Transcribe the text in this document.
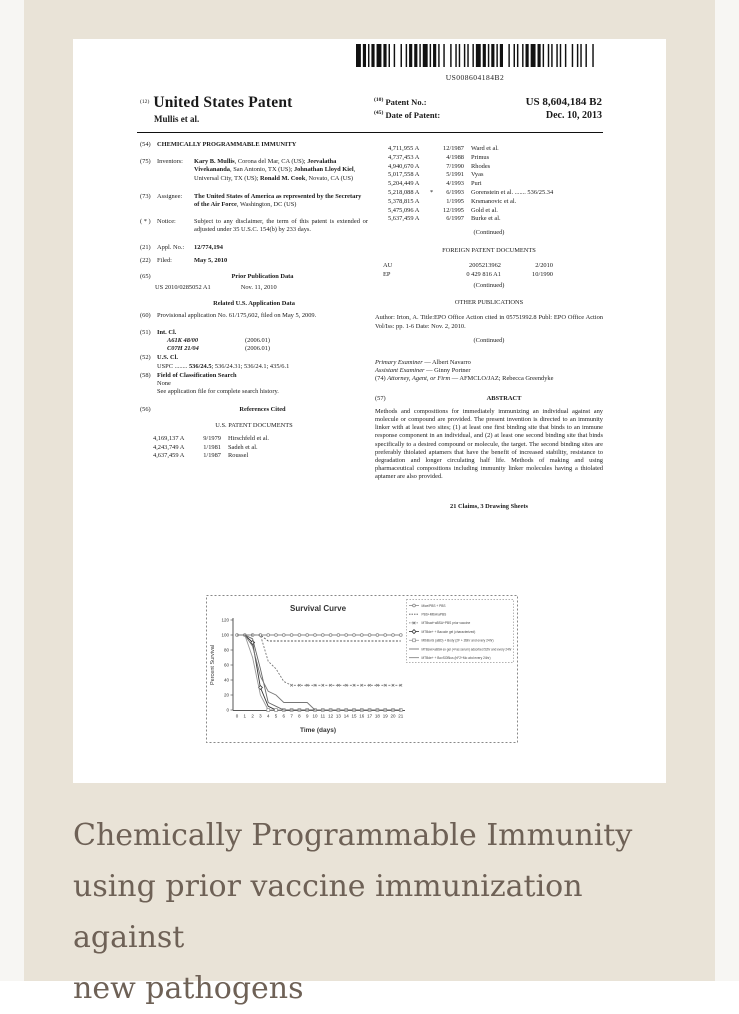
US008604184B2
$^{(12)}$ United States Patent
Mullis et al.
$^{(10)}$ Patent No.:	US 8,604,184 B2
$^{(45)}$ Date of Patent:	Dec. 10, 2013
(54) CHEMICALLY PROGRAMMABLE IMMUNITY
(75) Inventors:	Kary B. Mullis, Corona del Mar, CA (US); Jeevalatha Vivekananda, San Antonio, TX (US); Johnathan Lloyd Kiel, Universal City, TX (US); Ronald M. Cook, Novato, CA (US)
(73) Assignee:	The United States of America as represented by the Secretary of the Air Force, Washington, DC (US)
( * ) Notice:	Subject to any disclaimer, the term of this patent is extended or adjusted under 35 U.S.C. 154(b) by 233 days.
(21) Appl. No.:	12/774,194
(22) Filed:	May 5, 2010
(65)	Prior Publication Data
US 2010/0285052 A1	Nov. 11, 2010
Related U.S. Application Data
(60) Provisional application No. 61/175,602, filed on May 5, 2009.
(51) Int. Cl.
A61K 48/00	(2006.01)
C07H 21/04	(2006.01)
(52) U.S. Cl.
USPC ........ 536/24.5; 536/24.31; 536/24.1; 435/6.1
(58) Field of Classification Search
None
See application file for complete search history.
(56)	References Cited
U.S. PATENT DOCUMENTS
4,169,137 A	9/1979 Hirschfeld et al.
4,243,749 A	1/1981 Sadeh et al.
4,637,459 A	1/1987 Roussel
4,711,955 A	12/1987 Ward et al.
4,737,453 A	4/1988 Primus
4,940,670 A	7/1990 Rhodes
5,017,558 A	5/1991 Vyas
5,204,449 A	4/1993 Puri
5,218,088 A	*	6/1993 Gorenstein et al. ....... 536/25.34
5,378,815 A	1/1995 Krsmanovic et al.
5,475,096 A	12/1995 Gold et al.
5,637,459 A	6/1997 Burke et al.
(Continued)
FOREIGN PATENT DOCUMENTS
AU	2005213962	2/2010
EP	0 429 816 A1	10/1990
(Continued)
OTHER PUBLICATIONS
Author: Irton, A. Title:EPO Office Action cited in 05751992.8 Publ: EPO Office Action Vol/Iss: pp. 1-6 Date: Nov. 2, 2010.
(Continued)
Primary Examiner — Albert Navarro
Assistant Examiner — Ginny Portner
(74) Attorney, Agent, or Firm — AFMCLO/JAZ; Rebecca Greendyke
(57)	ABSTRACT
Methods and compositions for immediately immunizing an individual against any molecule or compound are provided. The present invention is directed to an immunity linker with at least two sites; (1) at least one first binding site that binds to an immune response component in an individual, and (2) at least one second binding site that binds specifically to a desired compound or molecule, the target. The second binding sites are preferably thiolated aptamers that have the benefit of increased stability, resistance to degradation and longer circulating half life. Methods of making and using pharmaceutical compositions including immunity linker molecules having a thiolated aptamer are also provided.
21 Claims, 3 Drawing Sheets
Survival Curve
0
20
40
60
80
100
120
0 1 2 3 4 5 6 7 8 9 10 11 12 13 14 15 16 17 18 19 20 21
Percent Survival
Time (days)
Mice/PBS + PBS
PBS+MtbA/aPBS
MTBswt+aBSA+PBS prior vaccine
MTBde+ + Bacode gel (characterized)
MtbBorG (aBD) + Body (2F + 2Bhr and every 24hr)
MTBswt+aBSA ex gel (+Fas serum) adsorbed 52hr and every 24hr
MTBde+ + BovSOBlus (hF2+Mo abd every 24hr)
Chemically Programmable Immunity
using prior vaccine immunization against
new pathogens
